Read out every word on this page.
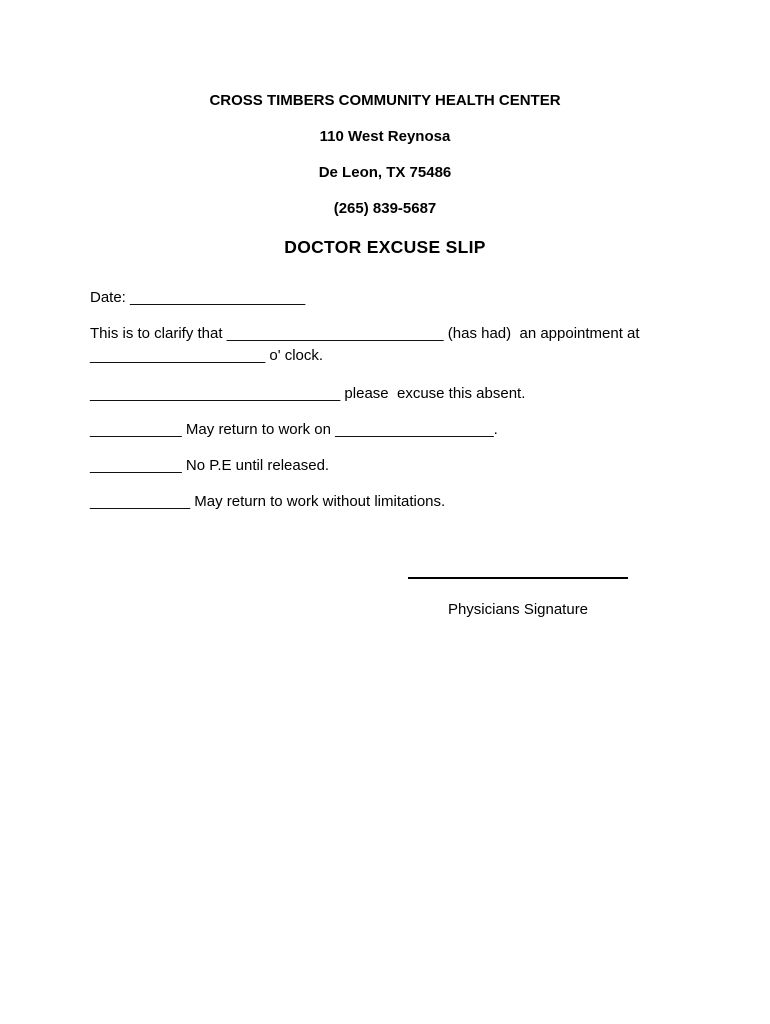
CROSS TIMBERS COMMUNITY HEALTH CENTER
110 West Reynosa
De Leon, TX 75486
(265) 839-5687
DOCTOR EXCUSE SLIP
Date: _____________________
This is to clarify that __________________________ (has had)  an appointment at
_____________________ o' clock.
______________________________ please  excuse this absent.
___________ May return to work on ___________________.
___________ No P.E until released.
____________ May return to work without limitations.
Physicians Signature
